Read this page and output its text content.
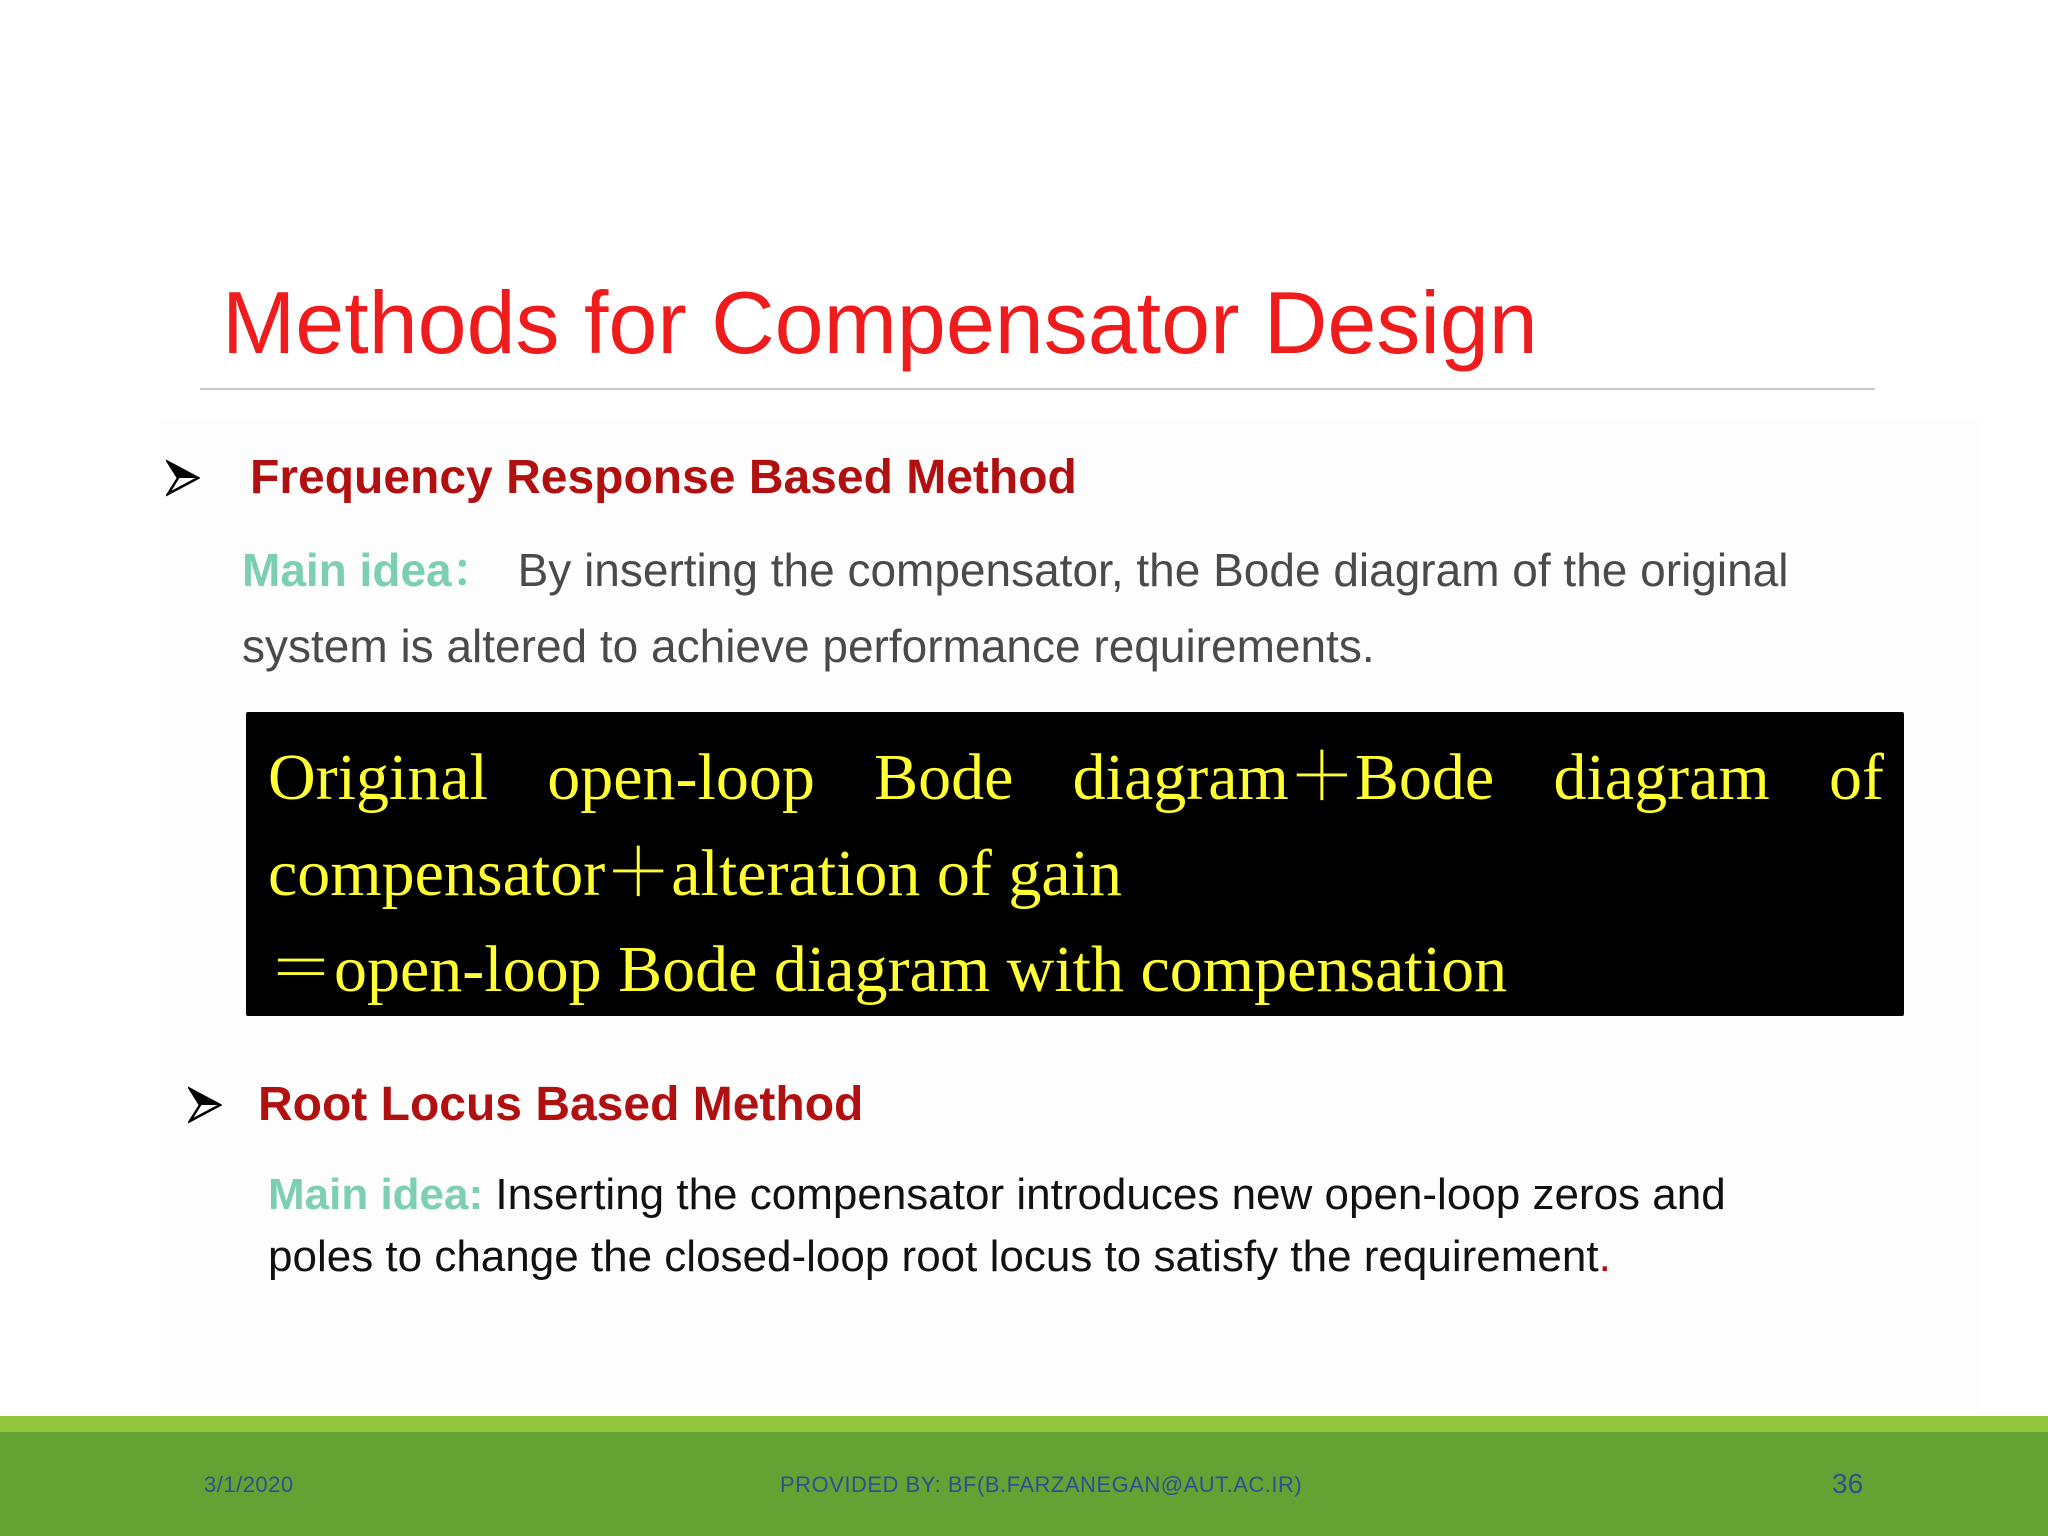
Methods for Compensator Design
Frequency Response Based Method
Main idea： By inserting the compensator, the Bode diagram of the original
system is altered to achieve performance requirements.
Original open-loop Bode diagram＋Bode diagram of
compensator＋alteration of gain
＝open-loop Bode diagram with compensation
Root Locus Based Method
Main idea: Inserting the compensator introduces new open-loop zeros and
poles to change the closed-loop root locus to satisfy the requirement.
3/1/2020	PROVIDED BY: BF(B.FARZANEGAN@AUT.AC.IR)	36
